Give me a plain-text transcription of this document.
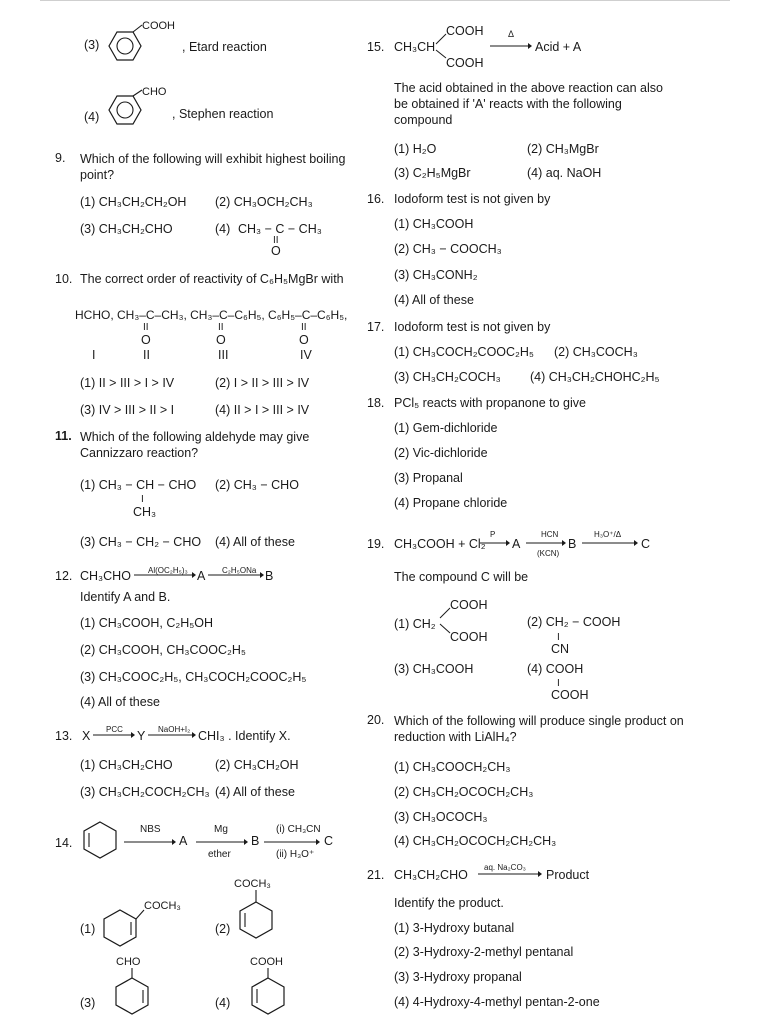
(3)
COOH
, Etard reaction
(4)
CHO
, Stephen reaction
9. Which of the following will exhibit highest boiling point?
(1) CH₃CH₂CH₂OH (2) CH₃OCH₂CH₃
(3) CH₃CH₂CHO	(4) CH₃ − C − CH₃
II
O
10. The correct order of reactivity of C₆H₅MgBr with
HCHO, CH₃–C–CH₃, CH₃–C–C₆H₅, C₆H₅–C–C₆H₅,
II
O
II
O
II
O
I	II	III	IV
(1) II > III > I > IV	(2) I > II > III > IV
(3) IV > III > II > I	(4) II > I > III > IV
11. Which of the following aldehyde may give Cannizzaro reaction?
(1) CH₃ − CH − CHO
I
CH₃
(2) CH₃ − CHO
(3) CH₃ − CH₂ − CHO (4) All of these
12. CH₃CHO Al(OC₂H₅)₃ A C₂H₅ONa B
Identify A and B.
(1) CH₃COOH, C₂H₅OH
(2) CH₃COOH, CH₃COOC₂H₅
(3) CH₃COOC₂H₅, CH₃COCH₂COOC₂H₅
(4) All of these
13. X PCC → Y NaOH+I₂ → CHI₃ . Identify X.
(1) CH₃CH₂CHO	(2) CH₃CH₂OH
(3) CH₃CH₂COCH₂CH₃ (4) All of these
14.
NBS
A
Mg
ether
B
(i) CH₃CN
(ii) H₃O⁺
C
(1)
COCH₃
(2)
COCH₃
(3)
CHO
(4)
COOH
15. CH₃CH
COOH
COOH
Δ
→ Acid + A
The acid obtained in the above reaction can also be obtained if 'A' reacts with the following compound
(1) H₂O	(2) CH₃MgBr
(3) C₂H₅MgBr	(4) aq. NaOH
16. Iodoform test is not given by
(1) CH₃COOH
(2) CH₃ − COOCH₃
(3) CH₃CONH₂
(4) All of these
17. Iodoform test is not given by
(1) CH₃COCH₂COOC₂H₅ (2) CH₃COCH₃
(3) CH₃CH₂COCH₃ (4) CH₃CH₂CHOHC₂H₅
18. PCl₅ reacts with propanone to give
(1) Gem-dichloride
(2) Vic-dichloride
(3) Propanal
(4) Propane chloride
19. CH₃COOH + Cl₂
P
→ A
HCN
(KCN)
B
H₃O⁺/Δ
C
The compound C will be
(1) CH₂
COOH
COOH
(2) CH₂ − COOH
I
CN
(3) CH₃COOH	(4) COOH
I
COOH
20. Which of the following will produce single product on reduction with LiAlH₄?
(1) CH₃COOCH₂CH₃
(2) CH₃CH₂OCOCH₂CH₃
(3) CH₃OCOCH₃
(4) CH₃CH₂OCOCH₂CH₂CH₃
21. CH₃CH₂CHO
aq. Na₂CO₃
Product
Identify the product.
(1) 3-Hydroxy butanal
(2) 3-Hydroxy-2-methyl pentanal
(3) 3-Hydroxy propanal
(4) 4-Hydroxy-4-methyl pentan-2-one
